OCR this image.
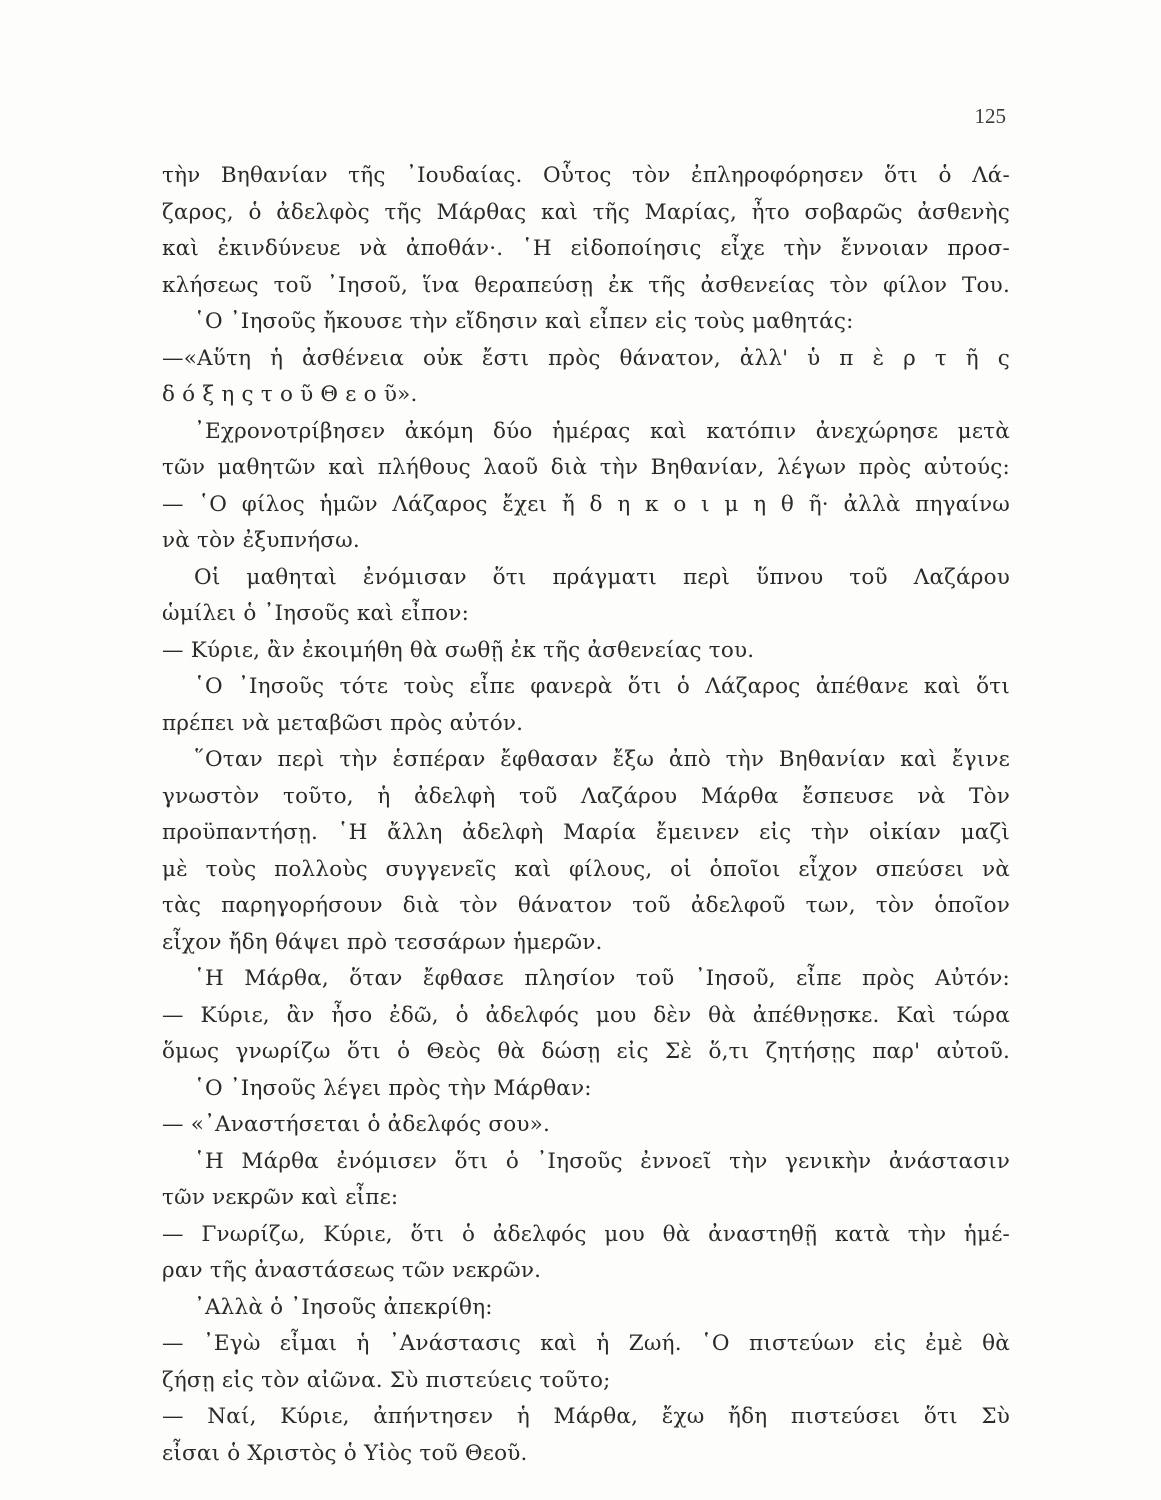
125
τὴν Βηθανίαν τῆς ᾿Ιουδαίας. Οὗτος τὸν ἐπληροφόρησεν ὅτι ὁ Λά-
ζαρος, ὁ ἀδελφὸς τῆς Μάρθας καὶ τῆς Μαρίας, ἦτο σοβαρῶς ἀσθενὴς
καὶ ἐκινδύνευε νὰ ἀποθάν·. ῾Η εἰδοποίησις εἶχε τὴν ἔννοιαν προσ-
κλήσεως τοῦ ᾿Ιησοῦ, ἵνα θεραπεύσῃ ἐκ τῆς ἀσθενείας τὸν φίλον Του.
῾Ο ᾿Ιησοῦς ἤκουσε τὴν εἴδησιν καὶ εἶπεν εἰς τοὺς μαθητάς:
—«Αὕτη ἡ ἀσθένεια οὐκ ἔστι πρὸς θάνατον, ἀλλ' ὑ π ὲ ρ τ ῆ ς
δ ό ξ η ς τ ο ῦ Θ ε ο ῦ».
᾿Εχρονοτρίβησεν ἀκόμη δύο ἡμέρας καὶ κατόπιν ἀνεχώρησε μετὰ
τῶν μαθητῶν καὶ πλήθους λαοῦ διὰ τὴν Βηθανίαν, λέγων πρὸς αὐτούς:
— ῾Ο φίλος ἡμῶν Λάζαρος ἔχει ἤ δ η κ ο ι μ η θ ῆ· ἀλλὰ πηγαίνω
νὰ τὸν ἐξυπνήσω.
Οἱ μαθηταὶ ἐνόμισαν ὅτι πράγματι περὶ ὕπνου τοῦ Λαζάρου
ὡμίλει ὁ ᾿Ιησοῦς καὶ εἶπον:
— Κύριε, ἂν ἐκοιμήθη θὰ σωθῇ ἐκ τῆς ἀσθενείας του.
῾Ο ᾿Ιησοῦς τότε τοὺς εἶπε φανερὰ ὅτι ὁ Λάζαρος ἀπέθανε καὶ ὅτι
πρέπει νὰ μεταβῶσι πρὸς αὐτόν.
῞Οταν περὶ τὴν ἑσπέραν ἔφθασαν ἔξω ἀπὸ τὴν Βηθανίαν καὶ ἔγινε
γνωστὸν τοῦτο, ἡ ἀδελφὴ τοῦ Λαζάρου Μάρθα ἔσπευσε νὰ Τὸν
προϋπαντήσῃ. ῾Η ἄλλη ἀδελφὴ Μαρία ἔμεινεν εἰς τὴν οἰκίαν μαζὶ
μὲ τοὺς πολλοὺς συγγενεῖς καὶ φίλους, οἱ ὁποῖοι εἶχον σπεύσει νὰ
τὰς παρηγορήσουν διὰ τὸν θάνατον τοῦ ἀδελφοῦ των, τὸν ὁποῖον
εἶχον ἤδη θάψει πρὸ τεσσάρων ἡμερῶν.
῾Η Μάρθα, ὅταν ἔφθασε πλησίον τοῦ ᾿Ιησοῦ, εἶπε πρὸς Αὐτόν:
— Κύριε, ἂν ἦσο ἐδῶ, ὁ ἀδελφός μου δὲν θὰ ἀπέθνῃσκε. Καὶ τώρα
ὅμως γνωρίζω ὅτι ὁ Θεὸς θὰ δώσῃ εἰς Σὲ ὅ,τι ζητήσῃς παρ' αὐτοῦ.
῾Ο ᾿Ιησοῦς λέγει πρὸς τὴν Μάρθαν:
— «᾿Αναστήσεται ὁ ἀδελφός σου».
῾Η Μάρθα ἐνόμισεν ὅτι ὁ ᾿Ιησοῦς ἐννοεῖ τὴν γενικὴν ἀνάστασιν
τῶν νεκρῶν καὶ εἶπε:
— Γνωρίζω, Κύριε, ὅτι ὁ ἀδελφός μου θὰ ἀναστηθῇ κατὰ τὴν ἡμέ-
ραν τῆς ἀναστάσεως τῶν νεκρῶν.
᾿Αλλὰ ὁ ᾿Ιησοῦς ἀπεκρίθη:
— ᾿Εγὼ εἶμαι ἡ ᾿Ανάστασις καὶ ἡ Ζωή. ῾Ο πιστεύων εἰς ἐμὲ θὰ
ζήσῃ εἰς τὸν αἰῶνα. Σὺ πιστεύεις τοῦτο;
— Ναί, Κύριε, ἀπήντησεν ἡ Μάρθα, ἔχω ἤδη πιστεύσει ὅτι Σὺ
εἶσαι ὁ Χριστὸς ὁ Υἱὸς τοῦ Θεοῦ.
